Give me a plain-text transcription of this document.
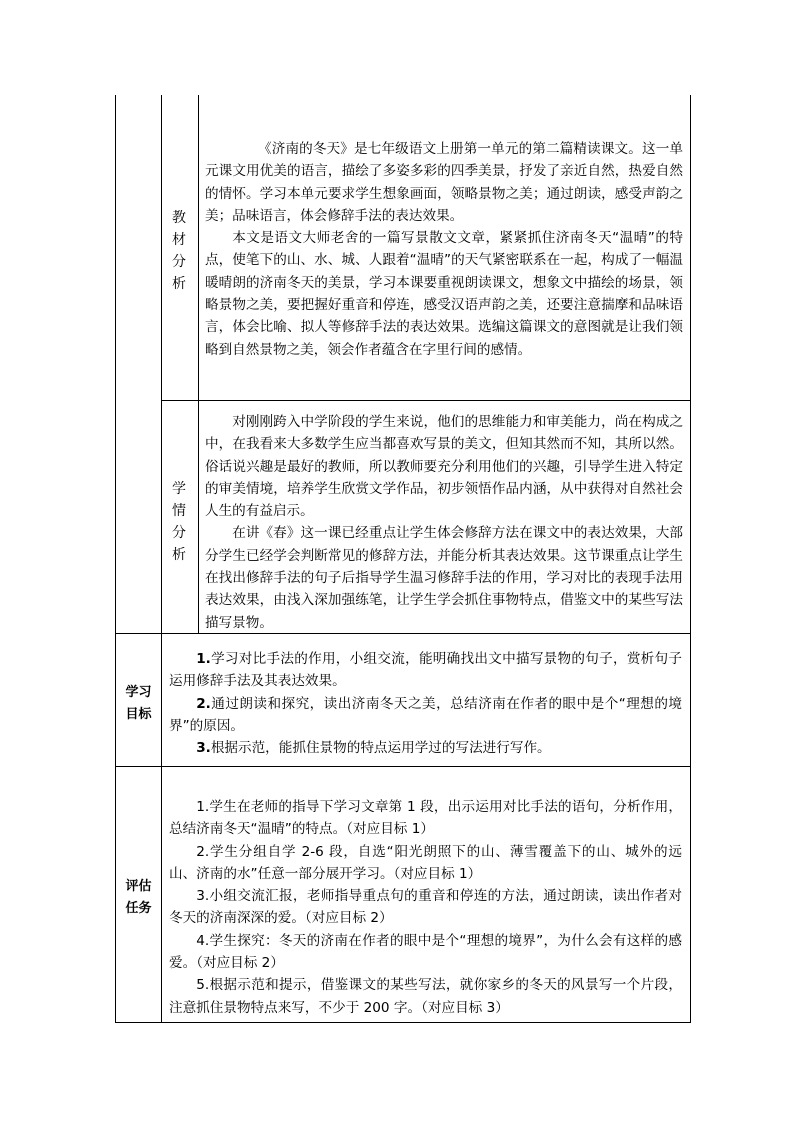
教
材
分
析

《济南的冬天》是七年级语文上册第一单元的第二篇精读课文。这一单元课文用优美的语言，描绘了多姿多彩的四季美景，抒发了亲近自然，热爱自然的情怀。学习本单元要求学生想象画面，领略景物之美；通过朗读，感受声韵之美；品味语言，体会修辞手法的表达效果。

本文是语文大师老舍的一篇写景散文文章，紧紧抓住济南冬天“温晴”的特点，使笔下的山、水、城、人跟着“温晴”的天气紧密联系在一起，构成了一幅温暖晴朗的济南冬天的美景，学习本课要重视朗读课文，想象文中描绘的场景，领略景物之美，要把握好重音和停连，感受汉语声韵之美，还要注意揣摩和品味语言，体会比喻、拟人等修辞手法的表达效果。选编这篇课文的意图就是让我们领略到自然景物之美，领会作者蕴含在字里行间的感情。

学
情
分
析

对刚刚跨入中学阶段的学生来说，他们的思维能力和审美能力，尚在构成之中，在我看来大多数学生应当都喜欢写景的美文，但知其然而不知，其所以然。俗话说兴趣是最好的教师，所以教师要充分利用他们的兴趣，引导学生进入特定的审美情境，培养学生欣赏文学作品，初步领悟作品内涵，从中获得对自然社会人生的有益启示。

在讲《春》这一课已经重点让学生体会修辞方法在课文中的表达效果，大部分学生已经学会判断常见的修辞方法，并能分析其表达效果。这节课重点让学生在找出修辞手法的句子后指导学生温习修辞手法的作用，学习对比的表现手法用表达效果，由浅入深加强练笔，让学生学会抓住事物特点，借鉴文中的某些写法描写景物。

学习
目标

1.学习对比手法的作用，小组交流，能明确找出文中描写景物的句子，赏析句子运用修辞手法及其表达效果。

2.通过朗读和探究，读出济南冬天之美，总结济南在作者的眼中是个“理想的境界”的原因。

3.根据示范，能抓住景物的特点运用学过的写法进行写作。

评估
任务

1.学生在老师的指导下学习文章第 1 段，出示运用对比手法的语句，分析作用，总结济南冬天“温晴”的特点。（对应目标 1）

2.学生分组自学 2-6 段，自选“阳光朗照下的山、薄雪覆盖下的山、城外的远山、济南的水”任意一部分展开学习。（对应目标 1）

3.小组交流汇报，老师指导重点句的重音和停连的方法，通过朗读，读出作者对冬天的济南深深的爱。（对应目标 2）

4.学生探究：冬天的济南在作者的眼中是个“理想的境界”，为什么会有这样的感爱。（对应目标 2）

5.根据示范和提示，借鉴课文的某些写法，就你家乡的冬天的风景写一个片段，注意抓住景物特点来写，不少于 200 字。（对应目标 3）
